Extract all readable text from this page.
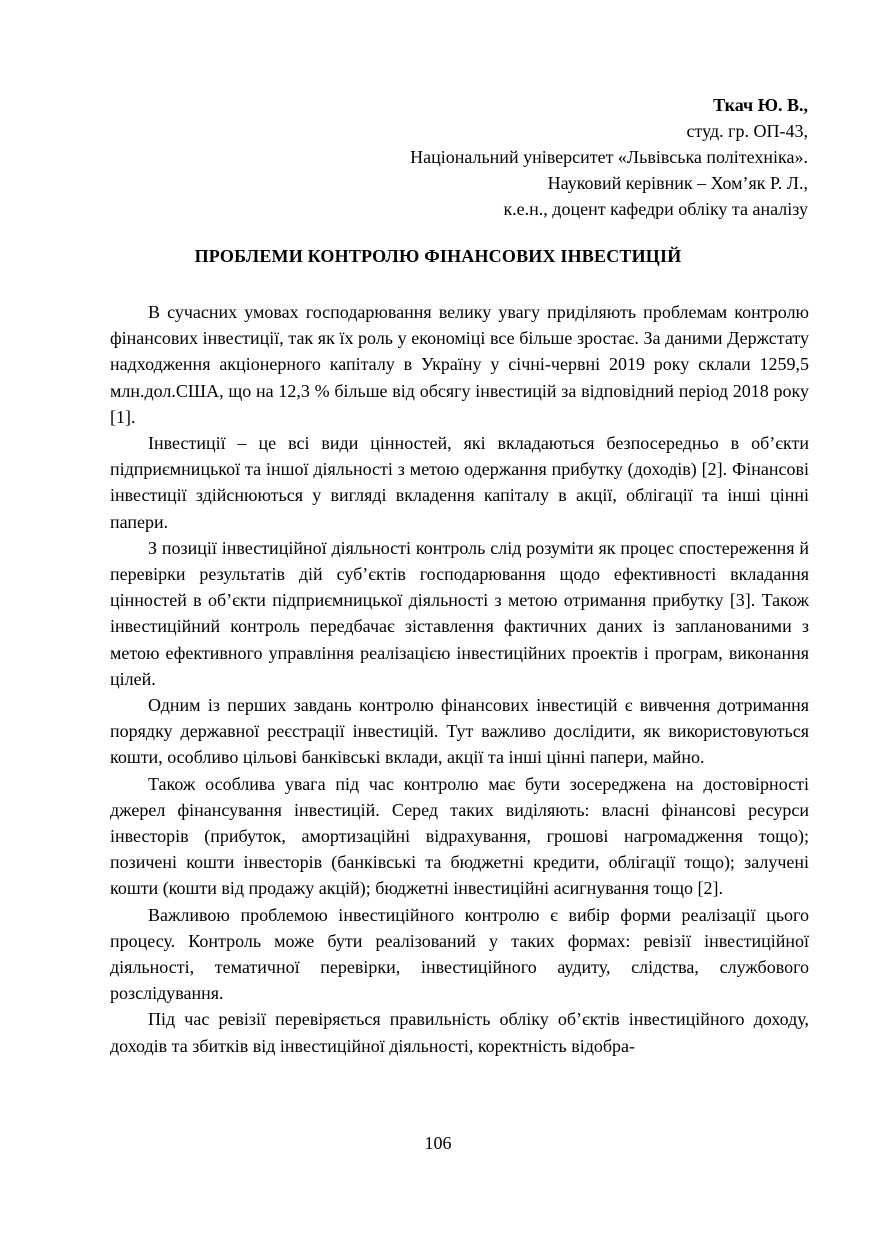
Ткач Ю. В.,
студ. гр. ОП-43,
Національний університет «Львівська політехніка».
Науковий керівник – Хом’як Р. Л.,
к.е.н., доцент кафедри обліку та аналізу
ПРОБЛЕМИ КОНТРОЛЮ ФІНАНСОВИХ ІНВЕСТИЦІЙ

В сучасних умовах господарювання велику увагу приділяють проблемам контролю фінансових інвестиції, так як їх роль у економіці все більше зростає. За даними Держстату надходження акціонерного капіталу в Україну у січні-червні 2019 року склали 1259,5 млн.дол.США, що на 12,3 % більше від обсягу інвестицій за відповідний період 2018 року [1].

Інвестиції – це всі види цінностей, які вкладаються безпосередньо в об’єкти підприємницької та іншої діяльності з метою одержання прибутку (доходів) [2]. Фінансові інвестиції здійснюються у вигляді вкладення капіталу в акції, облігації та інші цінні папери.

З позиції інвестиційної діяльності контроль слід розуміти як процес спостереження й перевірки результатів дій суб’єктів господарювання щодо ефективності вкладання цінностей в об’єкти підприємницької діяльності з метою отримання прибутку [3]. Також інвестиційний контроль передбачає зіставлення фактичних даних із запланованими з метою ефективного управління реалізацією інвестиційних проектів і програм, виконання цілей.

Одним із перших завдань контролю фінансових інвестицій є вивчення дотримання порядку державної реєстрації інвестицій. Тут важливо дослідити, як використовуються кошти, особливо цільові банківські вклади, акції та інші цінні папери, майно.

Також особлива увага під час контролю має бути зосереджена на достовірності джерел фінансування інвестицій. Серед таких виділяють: власні фінансові ресурси інвесторів (прибуток, амортизаційні відрахування, грошові нагромадження тощо); позичені кошти інвесторів (банківські та бюджетні кредити, облігації тощо); залучені кошти (кошти від продажу акцій); бюджетні інвестиційні асигнування тощо [2].

Важливою проблемою інвестиційного контролю є вибір форми реалізації цього процесу. Контроль може бути реалізований у таких формах: ревізії інвестиційної діяльності, тематичної перевірки, інвестиційного аудиту, слідства, службового розслідування.

Під час ревізії перевіряється правильність обліку об’єктів інвестиційного доходу, доходів та збитків від інвестиційної діяльності, коректність відобра-

106
